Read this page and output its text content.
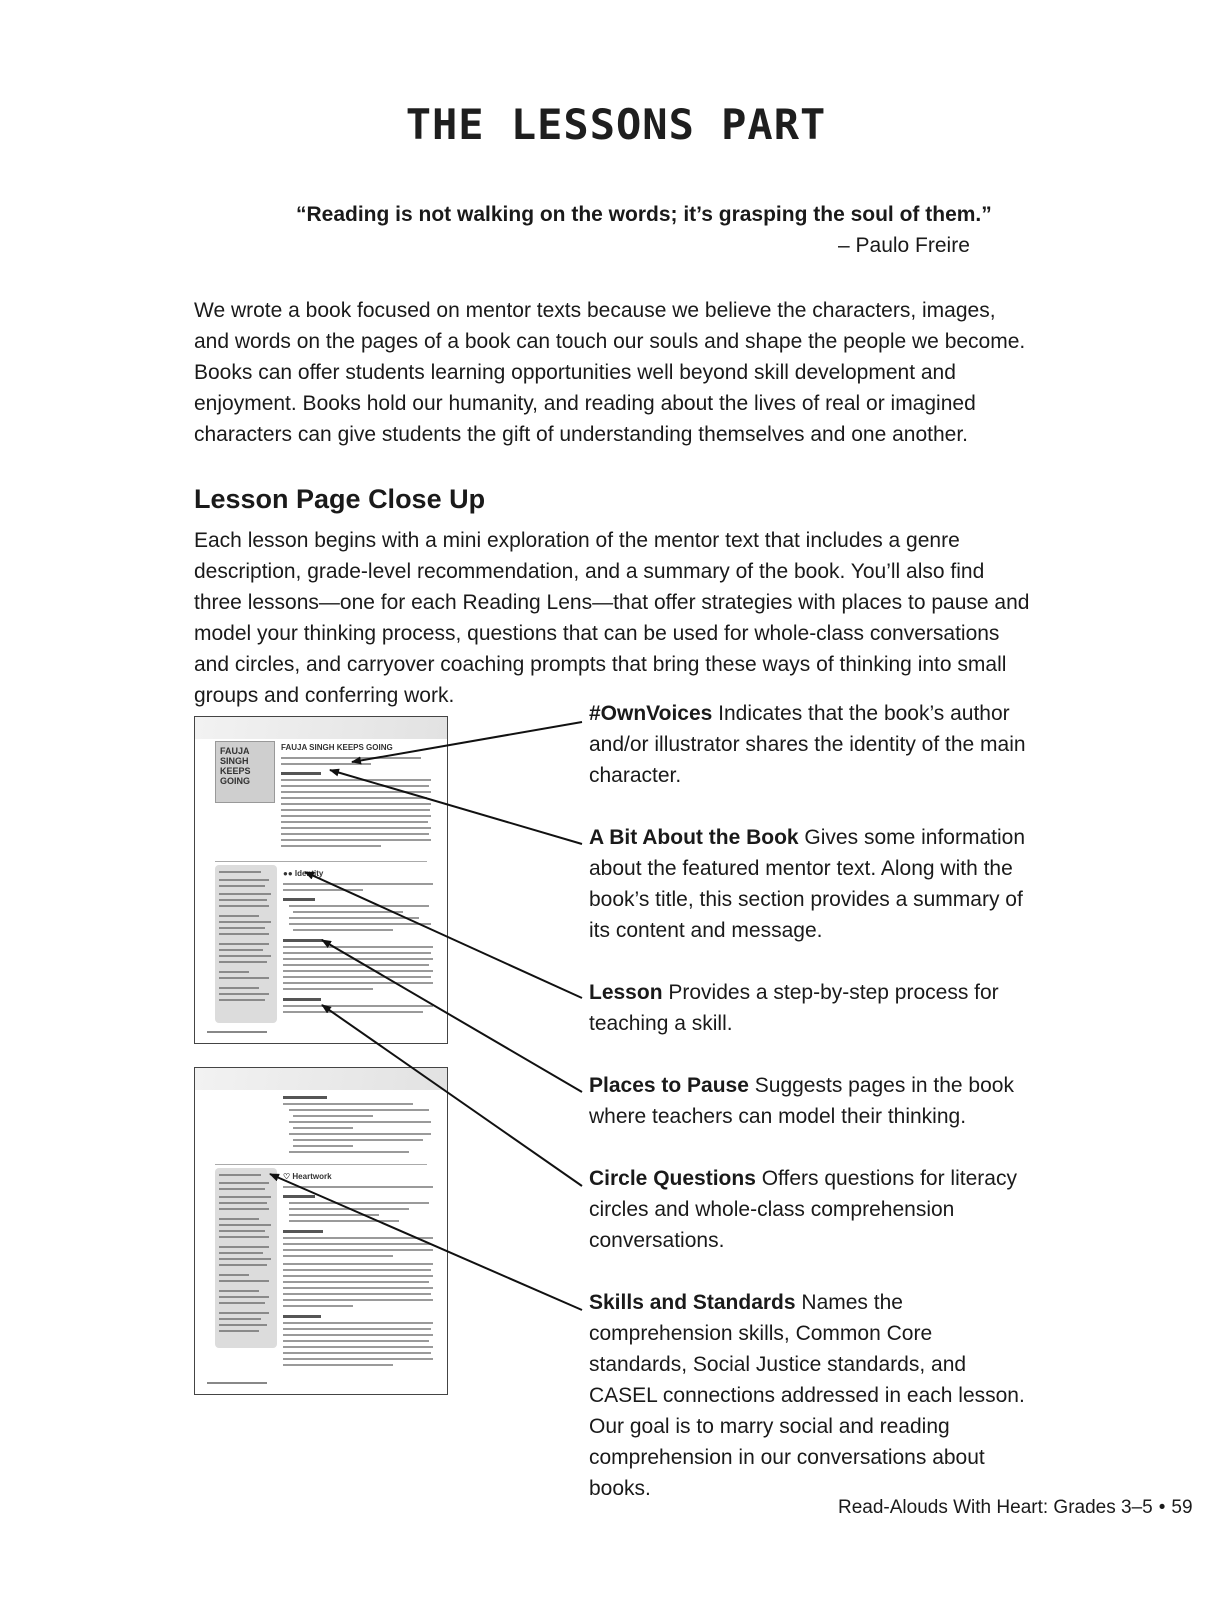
THE LESSONS PART
“Reading is not walking on the words; it’s grasping the soul of them.”
– Paulo Freire

We wrote a book focused on mentor texts because we believe the characters, images, and words on the pages of a book can touch our souls and shape the people we become. Books can offer students learning opportunities well beyond skill development and enjoyment. Books hold our humanity, and reading about the lives of real or imagined characters can give students the gift of understanding themselves and one another.

Lesson Page Close Up

Each lesson begins with a mini exploration of the mentor text that includes a genre description, grade-level recommendation, and a summary of the book. You’ll also find three lessons—one for each Reading Lens—that offer strategies with places to pause and model your thinking process, questions that can be used for whole-class conversations and circles, and carryover coaching prompts that bring these ways of thinking into small groups and conferring work.

FAUJA SINGH KEEPS GOING
FAUJA SINGH KEEPS GOING
●● Identity
♡ Heartwork

#OwnVoices Indicates that the book’s author and/or illustrator shares the identity of the main character.

A Bit About the Book Gives some information about the featured mentor text. Along with the book’s title, this section provides a summary of its content and message.

Lesson Provides a step-by-step process for teaching a skill.

Places to Pause Suggests pages in the book where teachers can model their thinking.

Circle Questions Offers questions for literacy circles and whole-class comprehension conversations.

Skills and Standards Names the comprehension skills, Common Core standards, Social Justice standards, and CASEL connections addressed in each lesson. Our goal is to marry social and reading comprehension in our conversations about books.

Read-Alouds With Heart: Grades 3–5 • 59
